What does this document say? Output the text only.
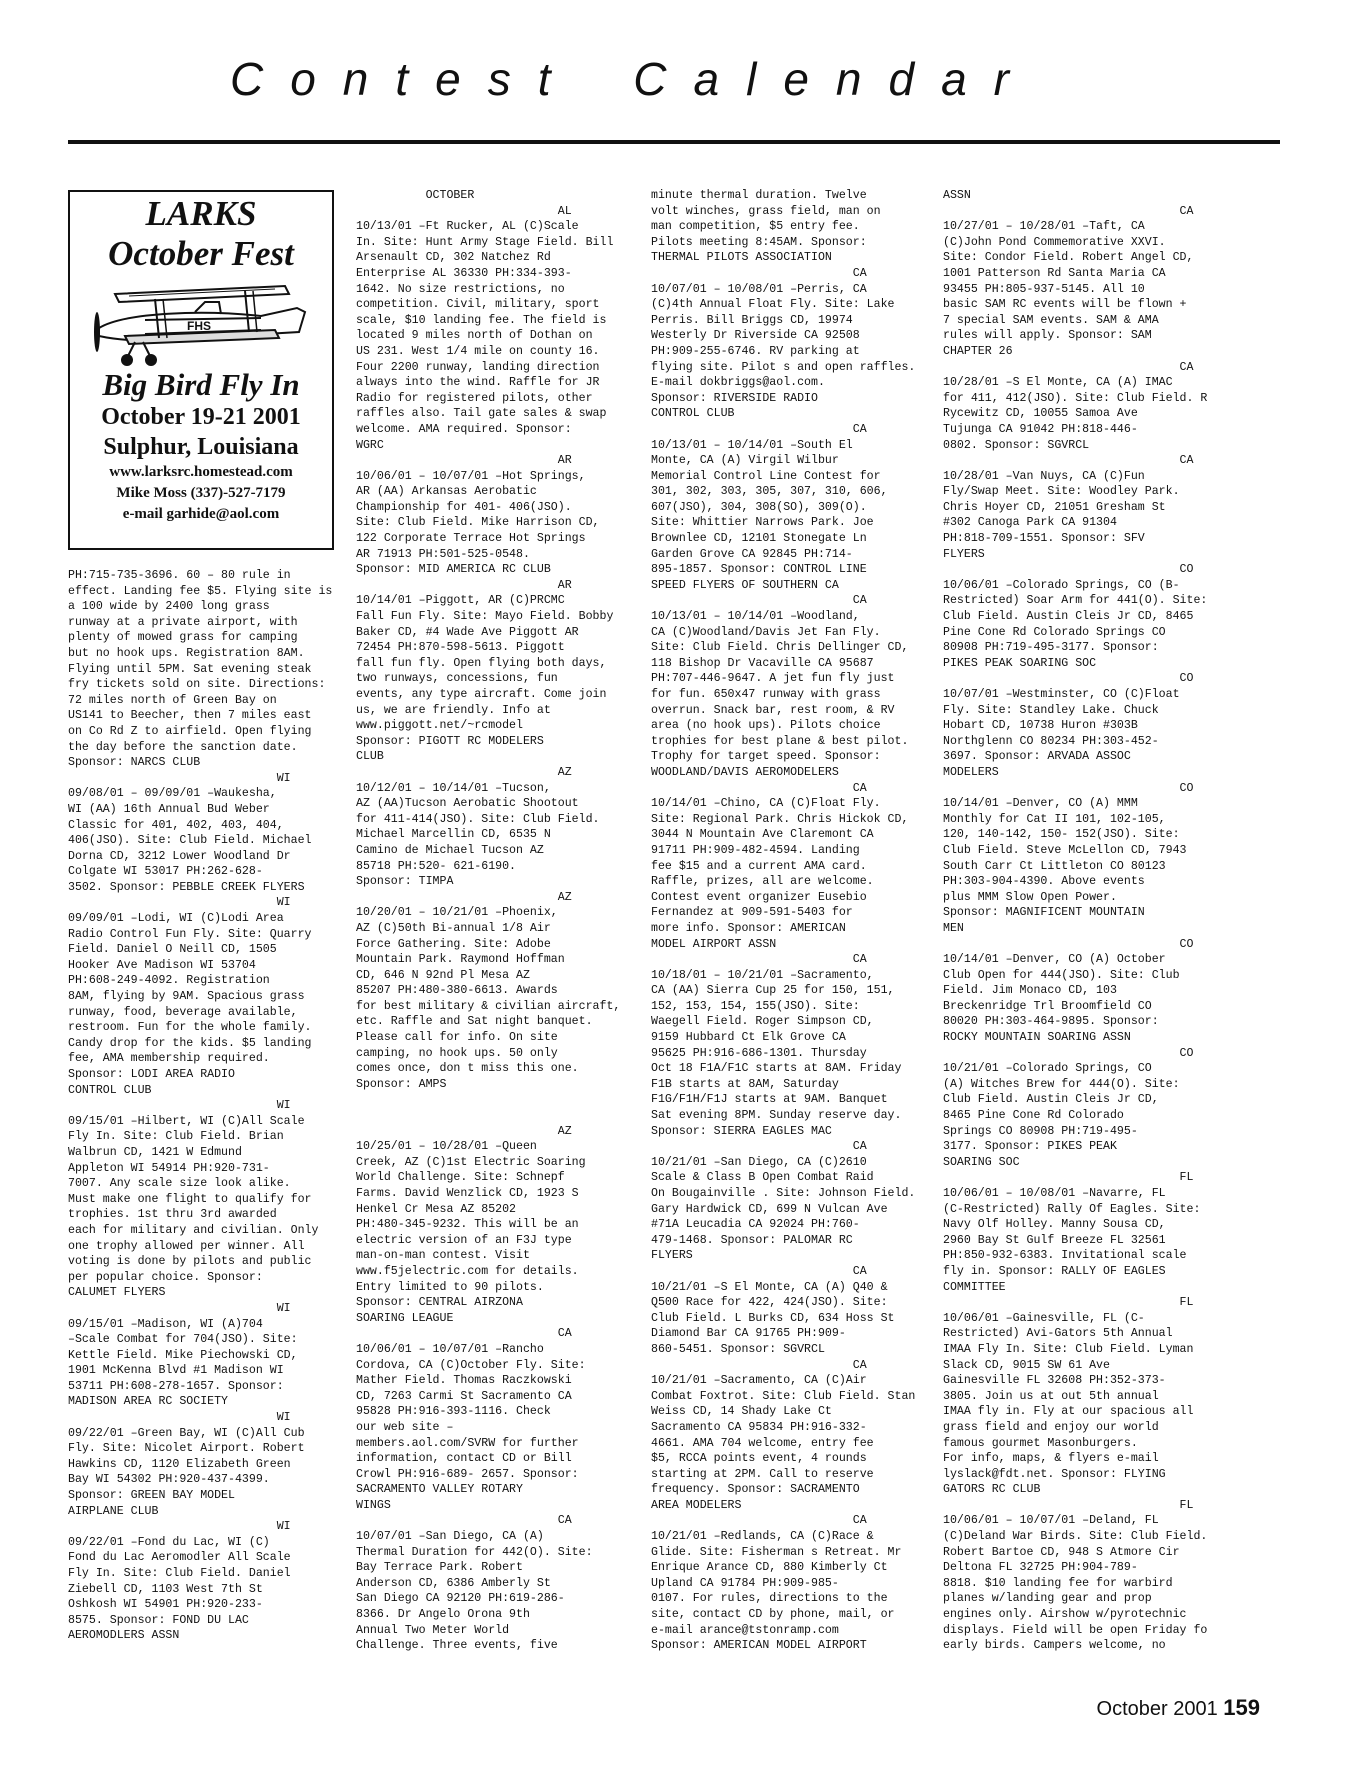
Contest Calendar
LARKS
October Fest
FHS
Big Bird Fly In
October 19-21 2001
Sulphur, Louisiana
www.larksrc.homestead.com
Mike Moss (337)-527-7179
e-mail garhide@aol.com
PH:715-735-3696. 60 – 80 rule in
effect. Landing fee $5. Flying site is
a 100 wide by 2400 long grass
runway at a private airport, with
plenty of mowed grass for camping
but no hook ups. Registration 8AM.
Flying until 5PM. Sat evening steak
fry tickets sold on site. Directions:
72 miles north of Green Bay on
US141 to Beecher, then 7 miles east
on Co Rd Z to airfield. Open flying
the day before the sanction date.
Sponsor: NARCS CLUB
WI
09/08/01 – 09/09/01 –Waukesha,
WI (AA) 16th Annual Bud Weber
Classic for 401, 402, 403, 404,
406(JSO). Site: Club Field. Michael
Dorna CD, 3212 Lower Woodland Dr
Colgate WI 53017 PH:262-628-
3502. Sponsor: PEBBLE CREEK FLYERS
WI
09/09/01 –Lodi, WI (C)Lodi Area
Radio Control Fun Fly. Site: Quarry
Field. Daniel O Neill CD, 1505
Hooker Ave Madison WI 53704
PH:608-249-4092. Registration
8AM, flying by 9AM. Spacious grass
runway, food, beverage available,
restroom. Fun for the whole family.
Candy drop for the kids. $5 landing
fee, AMA membership required.
Sponsor: LODI AREA RADIO
CONTROL CLUB
WI
09/15/01 –Hilbert, WI (C)All Scale
Fly In. Site: Club Field. Brian
Walbrun CD, 1421 W Edmund
Appleton WI 54914 PH:920-731-
7007. Any scale size look alike.
Must make one flight to qualify for
trophies. 1st thru 3rd awarded
each for military and civilian. Only
one trophy allowed per winner. All
voting is done by pilots and public
per popular choice. Sponsor:
CALUMET FLYERS
WI
09/15/01 –Madison, WI (A)704
–Scale Combat for 704(JSO). Site:
Kettle Field. Mike Piechowski CD,
1901 McKenna Blvd #1 Madison WI
53711 PH:608-278-1657. Sponsor:
MADISON AREA RC SOCIETY
WI
09/22/01 –Green Bay, WI (C)All Cub
Fly. Site: Nicolet Airport. Robert
Hawkins CD, 1120 Elizabeth Green
Bay WI 54302 PH:920-437-4399.
Sponsor: GREEN BAY MODEL
AIRPLANE CLUB
WI
09/22/01 –Fond du Lac, WI (C)
Fond du Lac Aeromodler All Scale
Fly In. Site: Club Field. Daniel
Ziebell CD, 1103 West 7th St
Oshkosh WI 54901 PH:920-233-
8575. Sponsor: FOND DU LAC
AEROMODLERS ASSN
OCTOBER
AL
10/13/01 –Ft Rucker, AL (C)Scale
In. Site: Hunt Army Stage Field. Bill
Arsenault CD, 302 Natchez Rd
Enterprise AL 36330 PH:334-393-
1642. No size restrictions, no
competition. Civil, military, sport
scale, $10 landing fee. The field is
located 9 miles north of Dothan on
US 231. West 1/4 mile on county 16.
Four 2200 runway, landing direction
always into the wind. Raffle for JR
Radio for registered pilots, other
raffles also. Tail gate sales & swap
welcome. AMA required. Sponsor:
WGRC
AR
10/06/01 – 10/07/01 –Hot Springs,
AR (AA) Arkansas Aerobatic
Championship for 401- 406(JSO).
Site: Club Field. Mike Harrison CD,
122 Corporate Terrace Hot Springs
AR 71913 PH:501-525-0548.
Sponsor: MID AMERICA RC CLUB
AR
10/14/01 –Piggott, AR (C)PRCMC
Fall Fun Fly. Site: Mayo Field. Bobby
Baker CD, #4 Wade Ave Piggott AR
72454 PH:870-598-5613. Piggott
fall fun fly. Open flying both days,
two runways, concessions, fun
events, any type aircraft. Come join
us, we are friendly. Info at
www.piggott.net/~rcmodel
Sponsor: PIGOTT RC MODELERS
CLUB
AZ
10/12/01 – 10/14/01 –Tucson,
AZ (AA)Tucson Aerobatic Shootout
for 411-414(JSO). Site: Club Field.
Michael Marcellin CD, 6535 N
Camino de Michael Tucson AZ
85718 PH:520- 621-6190.
Sponsor: TIMPA
AZ
10/20/01 – 10/21/01 –Phoenix,
AZ (C)50th Bi-annual 1/8 Air
Force Gathering. Site: Adobe
Mountain Park. Raymond Hoffman
CD, 646 N 92nd Pl Mesa AZ
85207 PH:480-380-6613. Awards
for best military & civilian aircraft,
etc. Raffle and Sat night banquet.
Please call for info. On site
camping, no hook ups. 50 only
comes once, don t miss this one.
Sponsor: AMPS

AZ
10/25/01 – 10/28/01 –Queen
Creek, AZ (C)1st Electric Soaring
World Challenge. Site: Schnepf
Farms. David Wenzlick CD, 1923 S
Henkel Cr Mesa AZ 85202
PH:480-345-9232. This will be an
electric version of an F3J type
man-on-man contest. Visit
www.f5jelectric.com for details.
Entry limited to 90 pilots.
Sponsor: CENTRAL AIRZONA
SOARING LEAGUE
CA
10/06/01 – 10/07/01 –Rancho
Cordova, CA (C)October Fly. Site:
Mather Field. Thomas Raczkowski
CD, 7263 Carmi St Sacramento CA
95828 PH:916-393-1116. Check
our web site –
members.aol.com/SVRW for further
information, contact CD or Bill
Crowl PH:916-689- 2657. Sponsor:
SACRAMENTO VALLEY ROTARY
WINGS
CA
10/07/01 –San Diego, CA (A)
Thermal Duration for 442(O). Site:
Bay Terrace Park. Robert
Anderson CD, 6386 Amberly St
San Diego CA 92120 PH:619-286-
8366. Dr Angelo Orona 9th
Annual Two Meter World
Challenge. Three events, five
minute thermal duration. Twelve
volt winches, grass field, man on
man competition, $5 entry fee.
Pilots meeting 8:45AM. Sponsor:
THERMAL PILOTS ASSOCIATION
CA
10/07/01 – 10/08/01 –Perris, CA
(C)4th Annual Float Fly. Site: Lake
Perris. Bill Briggs CD, 19974
Westerly Dr Riverside CA 92508
PH:909-255-6746. RV parking at
flying site. Pilot s and open raffles.
E-mail dokbriggs@aol.com.
Sponsor: RIVERSIDE RADIO
CONTROL CLUB
CA
10/13/01 – 10/14/01 –South El
Monte, CA (A) Virgil Wilbur
Memorial Control Line Contest for
301, 302, 303, 305, 307, 310, 606,
607(JSO), 304, 308(SO), 309(O).
Site: Whittier Narrows Park. Joe
Brownlee CD, 12101 Stonegate Ln
Garden Grove CA 92845 PH:714-
895-1857. Sponsor: CONTROL LINE
SPEED FLYERS OF SOUTHERN CA
CA
10/13/01 – 10/14/01 –Woodland,
CA (C)Woodland/Davis Jet Fan Fly.
Site: Club Field. Chris Dellinger CD,
118 Bishop Dr Vacaville CA 95687
PH:707-446-9647. A jet fun fly just
for fun. 650x47 runway with grass
overrun. Snack bar, rest room, & RV
area (no hook ups). Pilots choice
trophies for best plane & best pilot.
Trophy for target speed. Sponsor:
WOODLAND/DAVIS AEROMODELERS
CA
10/14/01 –Chino, CA (C)Float Fly.
Site: Regional Park. Chris Hickok CD,
3044 N Mountain Ave Claremont CA
91711 PH:909-482-4594. Landing
fee $15 and a current AMA card.
Raffle, prizes, all are welcome.
Contest event organizer Eusebio
Fernandez at 909-591-5403 for
more info. Sponsor: AMERICAN
MODEL AIRPORT ASSN
CA
10/18/01 – 10/21/01 –Sacramento,
CA (AA) Sierra Cup 25 for 150, 151,
152, 153, 154, 155(JSO). Site:
Waegell Field. Roger Simpson CD,
9159 Hubbard Ct Elk Grove CA
95625 PH:916-686-1301. Thursday
Oct 18 F1A/F1C starts at 8AM. Friday
F1B starts at 8AM, Saturday
F1G/F1H/F1J starts at 9AM. Banquet
Sat evening 8PM. Sunday reserve day.
Sponsor: SIERRA EAGLES MAC
CA
10/21/01 –San Diego, CA (C)2610
Scale & Class B Open Combat Raid
On Bougainville . Site: Johnson Field.
Gary Hardwick CD, 699 N Vulcan Ave
#71A Leucadia CA 92024 PH:760-
479-1468. Sponsor: PALOMAR RC
FLYERS
CA
10/21/01 –S El Monte, CA (A) Q40 &
Q500 Race for 422, 424(JSO). Site:
Club Field. L Burks CD, 634 Hoss St
Diamond Bar CA 91765 PH:909-
860-5451. Sponsor: SGVRCL
CA
10/21/01 –Sacramento, CA (C)Air
Combat Foxtrot. Site: Club Field. Stan
Weiss CD, 14 Shady Lake Ct
Sacramento CA 95834 PH:916-332-
4661. AMA 704 welcome, entry fee
$5, RCCA points event, 4 rounds
starting at 2PM. Call to reserve
frequency. Sponsor: SACRAMENTO
AREA MODELERS
CA
10/21/01 –Redlands, CA (C)Race &
Glide. Site: Fisherman s Retreat. Mr
Enrique Arance CD, 880 Kimberly Ct
Upland CA 91784 PH:909-985-
0107. For rules, directions to the
site, contact CD by phone, mail, or
e-mail arance@tstonramp.com
Sponsor: AMERICAN MODEL AIRPORT
ASSN
CA
10/27/01 – 10/28/01 –Taft, CA
(C)John Pond Commemorative XXVI.
Site: Condor Field. Robert Angel CD,
1001 Patterson Rd Santa Maria CA
93455 PH:805-937-5145. All 10
basic SAM RC events will be flown +
7 special SAM events. SAM & AMA
rules will apply. Sponsor: SAM
CHAPTER 26
CA
10/28/01 –S El Monte, CA (A) IMAC
for 411, 412(JSO). Site: Club Field. R
Rycewitz CD, 10055 Samoa Ave
Tujunga CA 91042 PH:818-446-
0802. Sponsor: SGVRCL
CA
10/28/01 –Van Nuys, CA (C)Fun
Fly/Swap Meet. Site: Woodley Park.
Chris Hoyer CD, 21051 Gresham St
#302 Canoga Park CA 91304
PH:818-709-1551. Sponsor: SFV
FLYERS
CO
10/06/01 –Colorado Springs, CO (B-
Restricted) Soar Arm for 441(O). Site:
Club Field. Austin Cleis Jr CD, 8465
Pine Cone Rd Colorado Springs CO
80908 PH:719-495-3177. Sponsor:
PIKES PEAK SOARING SOC
CO
10/07/01 –Westminster, CO (C)Float
Fly. Site: Standley Lake. Chuck
Hobart CD, 10738 Huron #303B
Northglenn CO 80234 PH:303-452-
3697. Sponsor: ARVADA ASSOC
MODELERS
CO
10/14/01 –Denver, CO (A) MMM
Monthly for Cat II 101, 102-105,
120, 140-142, 150- 152(JSO). Site:
Club Field. Steve McLellon CD, 7943
South Carr Ct Littleton CO 80123
PH:303-904-4390. Above events
plus MMM Slow Open Power.
Sponsor: MAGNIFICENT MOUNTAIN
MEN
CO
10/14/01 –Denver, CO (A) October
Club Open for 444(JSO). Site: Club
Field. Jim Monaco CD, 103
Breckenridge Trl Broomfield CO
80020 PH:303-464-9895. Sponsor:
ROCKY MOUNTAIN SOARING ASSN
CO
10/21/01 –Colorado Springs, CO
(A) Witches Brew for 444(O). Site:
Club Field. Austin Cleis Jr CD,
8465 Pine Cone Rd Colorado
Springs CO 80908 PH:719-495-
3177. Sponsor: PIKES PEAK
SOARING SOC
FL
10/06/01 – 10/08/01 –Navarre, FL
(C-Restricted) Rally Of Eagles. Site:
Navy Olf Holley. Manny Sousa CD,
2960 Bay St Gulf Breeze FL 32561
PH:850-932-6383. Invitational scale
fly in. Sponsor: RALLY OF EAGLES
COMMITTEE
FL
10/06/01 –Gainesville, FL (C-
Restricted) Avi-Gators 5th Annual
IMAA Fly In. Site: Club Field. Lyman
Slack CD, 9015 SW 61 Ave
Gainesville FL 32608 PH:352-373-
3805. Join us at out 5th annual
IMAA fly in. Fly at our spacious all
grass field and enjoy our world
famous gourmet Masonburgers.
For info, maps, & flyers e-mail
lyslack@fdt.net. Sponsor: FLYING
GATORS RC CLUB
FL
10/06/01 – 10/07/01 –Deland, FL
(C)Deland War Birds. Site: Club Field.
Robert Bartoe CD, 948 S Atmore Cir
Deltona FL 32725 PH:904-789-
8818. $10 landing fee for warbird
planes w/landing gear and prop
engines only. Airshow w/pyrotechnic
displays. Field will be open Friday fo
early birds. Campers welcome, no
October 2001 159
